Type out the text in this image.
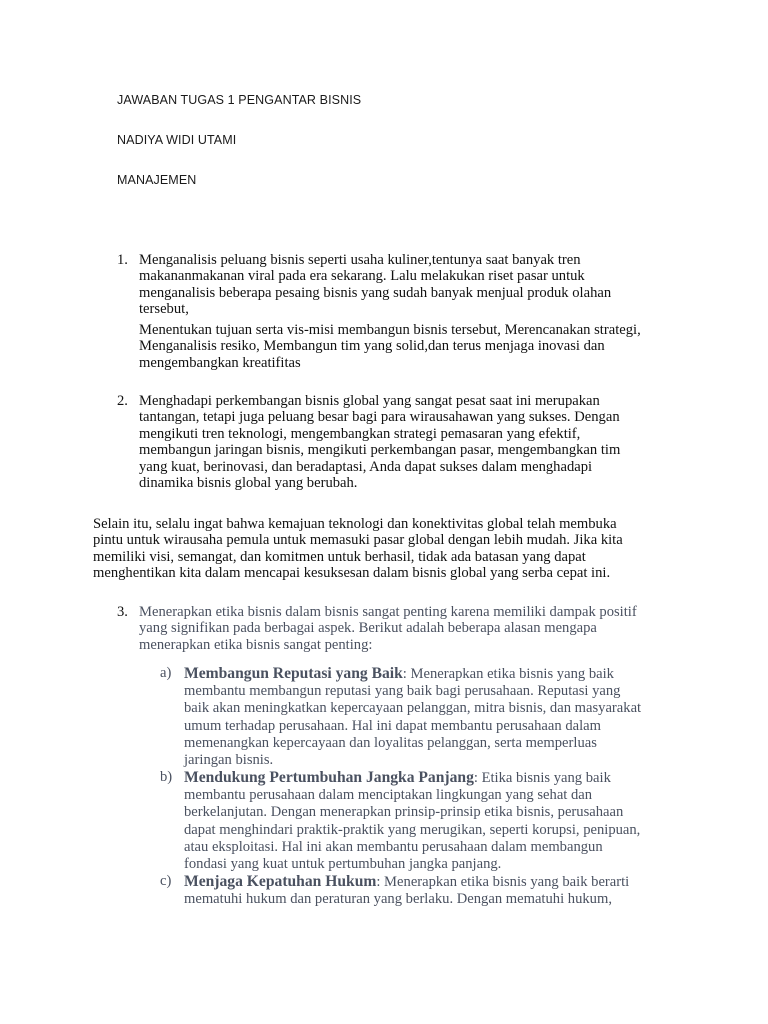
JAWABAN TUGAS 1 PENGANTAR BISNIS
NADIYA WIDI UTAMI
MANAJEMEN
1. Menganalisis peluang bisnis seperti usaha kuliner,tentunya saat banyak tren
makananmakanan viral pada era sekarang. Lalu melakukan riset pasar untuk
menganalisis beberapa pesaing bisnis yang sudah banyak menjual produk olahan
tersebut,
Menentukan tujuan serta vis-misi membangun bisnis tersebut, Merencanakan strategi,
Menganalisis resiko, Membangun tim yang solid,dan terus menjaga inovasi dan
mengembangkan kreatifitas
2. Menghadapi perkembangan bisnis global yang sangat pesat saat ini merupakan
tantangan, tetapi juga peluang besar bagi para wirausahawan yang sukses. Dengan
mengikuti tren teknologi, mengembangkan strategi pemasaran yang efektif,
membangun jaringan bisnis, mengikuti perkembangan pasar, mengembangkan tim
yang kuat, berinovasi, dan beradaptasi, Anda dapat sukses dalam menghadapi
dinamika bisnis global yang berubah.
Selain itu, selalu ingat bahwa kemajuan teknologi dan konektivitas global telah membuka
pintu untuk wirausaha pemula untuk memasuki pasar global dengan lebih mudah. Jika kita
memiliki visi, semangat, dan komitmen untuk berhasil, tidak ada batasan yang dapat
menghentikan kita dalam mencapai kesuksesan dalam bisnis global yang serba cepat ini.
3. Menerapkan etika bisnis dalam bisnis sangat penting karena memiliki dampak positif
yang signifikan pada berbagai aspek. Berikut adalah beberapa alasan mengapa
menerapkan etika bisnis sangat penting:
a) Membangun Reputasi yang Baik: Menerapkan etika bisnis yang baik
membantu membangun reputasi yang baik bagi perusahaan. Reputasi yang
baik akan meningkatkan kepercayaan pelanggan, mitra bisnis, dan masyarakat
umum terhadap perusahaan. Hal ini dapat membantu perusahaan dalam
memenangkan kepercayaan dan loyalitas pelanggan, serta memperluas
jaringan bisnis.
b) Mendukung Pertumbuhan Jangka Panjang: Etika bisnis yang baik
membantu perusahaan dalam menciptakan lingkungan yang sehat dan
berkelanjutan. Dengan menerapkan prinsip-prinsip etika bisnis, perusahaan
dapat menghindari praktik-praktik yang merugikan, seperti korupsi, penipuan,
atau eksploitasi. Hal ini akan membantu perusahaan dalam membangun
fondasi yang kuat untuk pertumbuhan jangka panjang.
c) Menjaga Kepatuhan Hukum: Menerapkan etika bisnis yang baik berarti
mematuhi hukum dan peraturan yang berlaku. Dengan mematuhi hukum,
